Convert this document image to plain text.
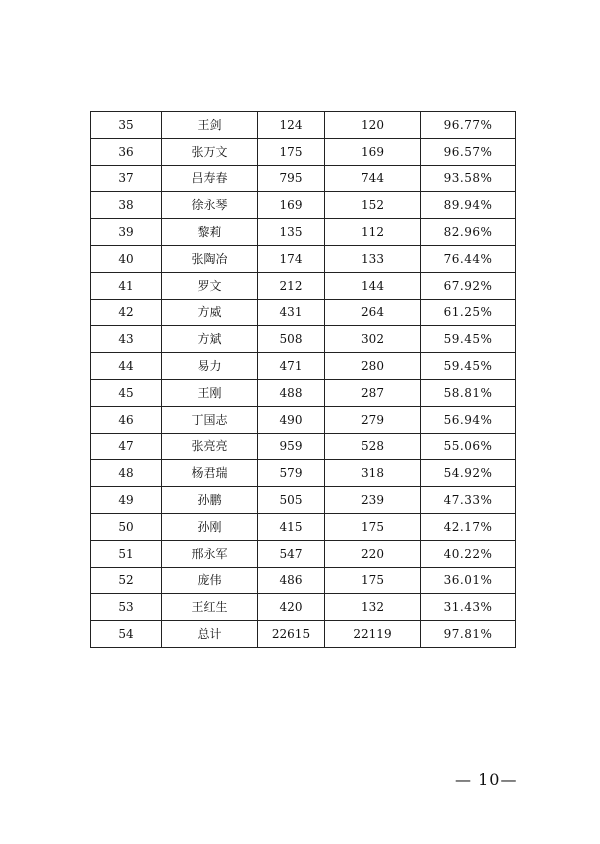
35	王剑	124	120	96.77%
36	张万文	175	169	96.57%
37	吕寿春	795	744	93.58%
38	徐永琴	169	152	89.94%
39	黎莉	135	112	82.96%
40	张陶冶	174	133	76.44%
41	罗文	212	144	67.92%
42	方威	431	264	61.25%
43	方斌	508	302	59.45%
44	易力	471	280	59.45%
45	王刚	488	287	58.81%
46	丁国志	490	279	56.94%
47	张亮亮	959	528	55.06%
48	杨君瑞	579	318	54.92%
49	孙鹏	505	239	47.33%
50	孙刚	415	175	42.17%
51	邢永军	547	220	40.22%
52	庞伟	486	175	36.01%
53	王红生	420	132	31.43%
54	总计	22615	22119	97.81%
— 10—
